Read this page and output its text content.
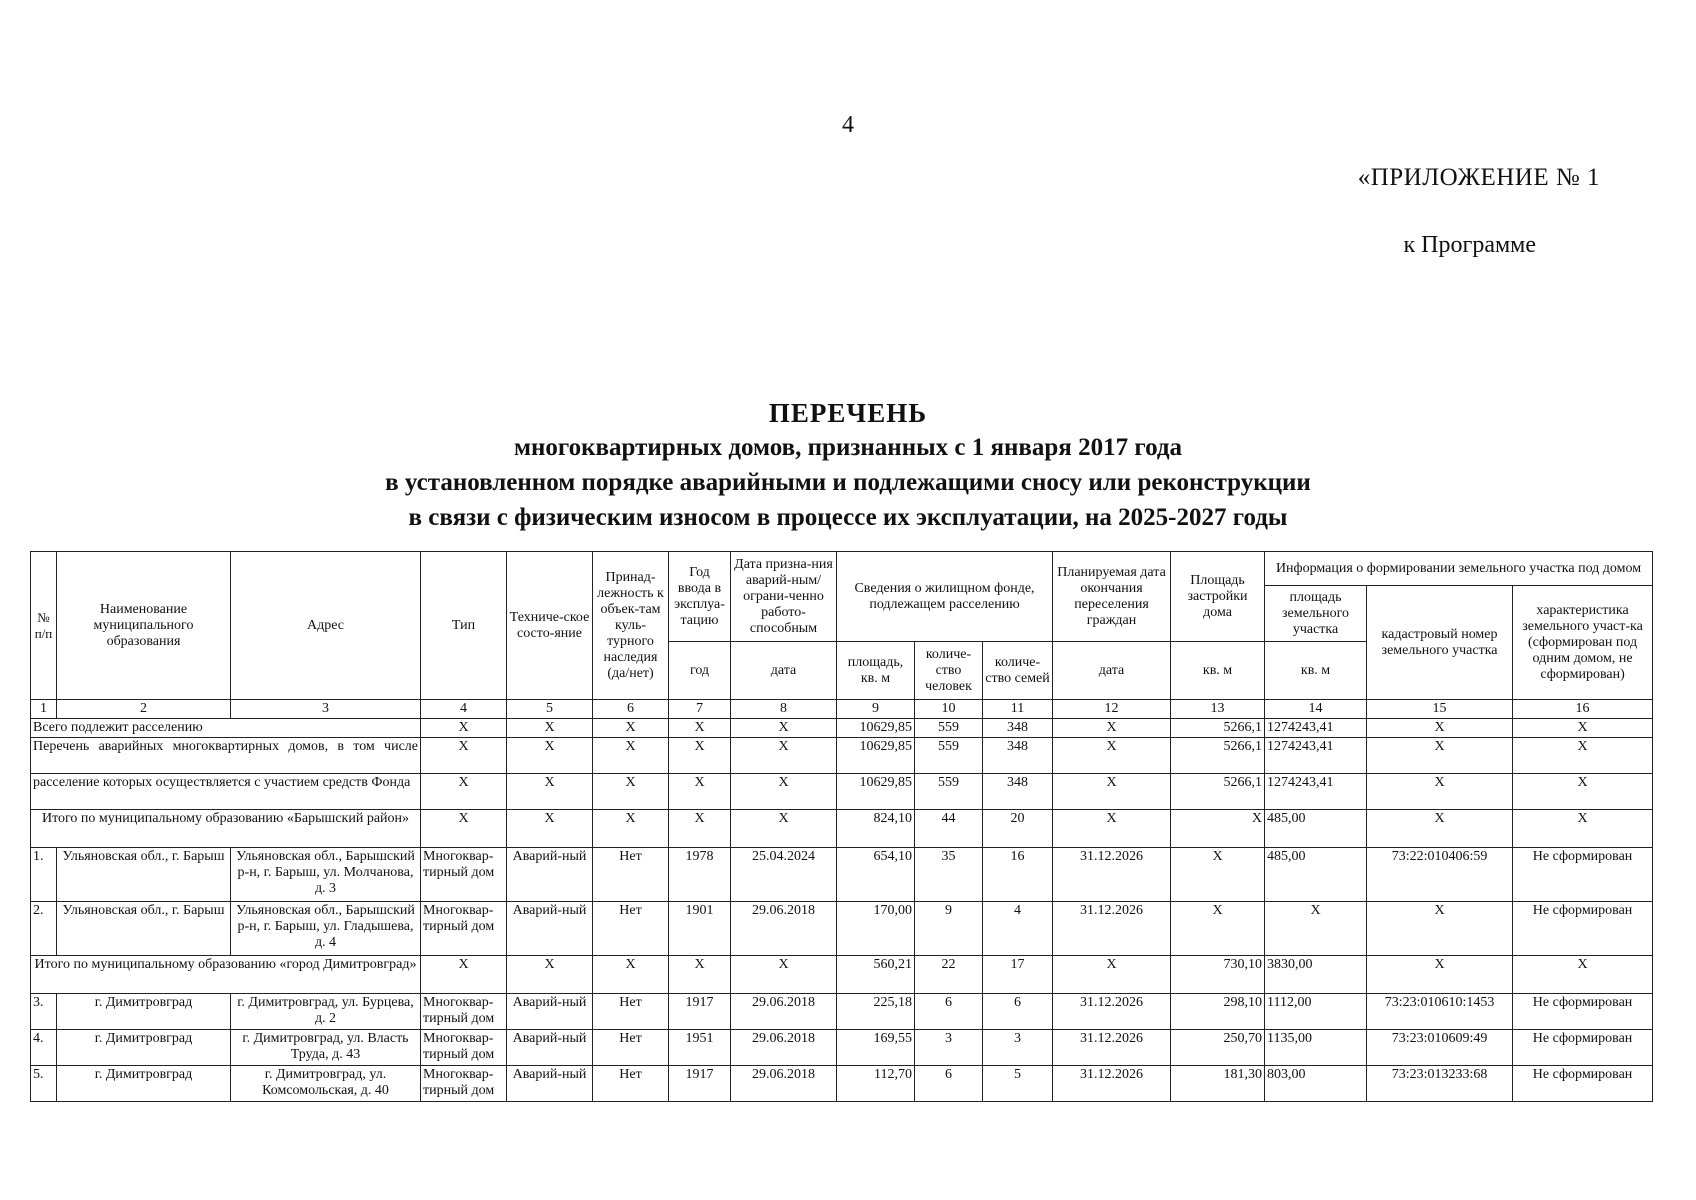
4
«ПРИЛОЖЕНИЕ № 1
к Программе
ПЕРЕЧЕНЬ
многоквартирных домов, признанных с 1 января 2017 года
в установленном порядке аварийными и подлежащими сносу или реконструкции
в связи с физическим износом в процессе их эксплуатации, на 2025-2027 годы
№ п/п	Наименование муниципального образования	Адрес	Тип	Техниче-ское состо-яние	Принад-лежность к объек-там куль-турного наследия (да/нет)	Год ввода в эксплуа-тацию	Дата призна-ния аварий-ным/ограни-ченно работо-способным	Сведения о жилищном фонде, подлежащем расселению			Планируемая дата окончания переселения граждан	Площадь застройки дома	Информация о формировании земельного участка под домом		
													площадь земельного участка	кадастровый номер земельного участка	характеристика земельного участ-ка (сформирован под одним домом, не сформирован)
						год	дата	площадь, кв. м	количе-ство человек	количе-ство семей	дата	кв. м	кв. м		
1	2	3	4	5	6	7	8	9	10	11	12	13	14	15	16
Всего подлежит расселению			X	X	X	X	X	10629,85	559	348	X	5266,1	1274243,41	X	X
Перечень аварийных многоквартирных домов, в том числе			X	X	X	X	X	10629,85	559	348	X	5266,1	1274243,41	X	X
расселение которых осуществляется с участием средств Фонда			X	X	X	X	X	10629,85	559	348	X	5266,1	1274243,41	X	X
Итого по муниципальному образованию «Барышский район»			X	X	X	X	X	824,10	44	20	X	X	485,00	X	X
1.	Ульяновская обл., г. Барыш	Ульяновская обл., Барышский р-н, г. Барыш, ул. Молчанова, д. 3	Многоквар-тирный дом	Аварий-ный	Нет	1978	25.04.2024	654,10	35	16	31.12.2026	X	485,00	73:22:010406:59	Не сформирован
2.	Ульяновская обл., г. Барыш	Ульяновская обл., Барышский р-н, г. Барыш, ул. Гладышева, д. 4	Многоквар-тирный дом	Аварий-ный	Нет	1901	29.06.2018	170,00	9	4	31.12.2026	X	X	X	Не сформирован
Итого по муниципальному образованию «город Димитровград»			X	X	X	X	X	560,21	22	17	X	730,10	3830,00	X	X
3.	г. Димитровград	г. Димитровград, ул. Бурцева, д. 2	Многоквар-тирный дом	Аварий-ный	Нет	1917	29.06.2018	225,18	6	6	31.12.2026	298,10	1112,00	73:23:010610:1453	Не сформирован
4.	г. Димитровград	г. Димитровград, ул. Власть Труда, д. 43	Многоквар-тирный дом	Аварий-ный	Нет	1951	29.06.2018	169,55	3	3	31.12.2026	250,70	1135,00	73:23:010609:49	Не сформирован
5.	г. Димитровград	г. Димитровград, ул. Комсомольская, д. 40	Многоквар-тирный дом	Аварий-ный	Нет	1917	29.06.2018	112,70	6	5	31.12.2026	181,30	803,00	73:23:013233:68	Не сформирован
